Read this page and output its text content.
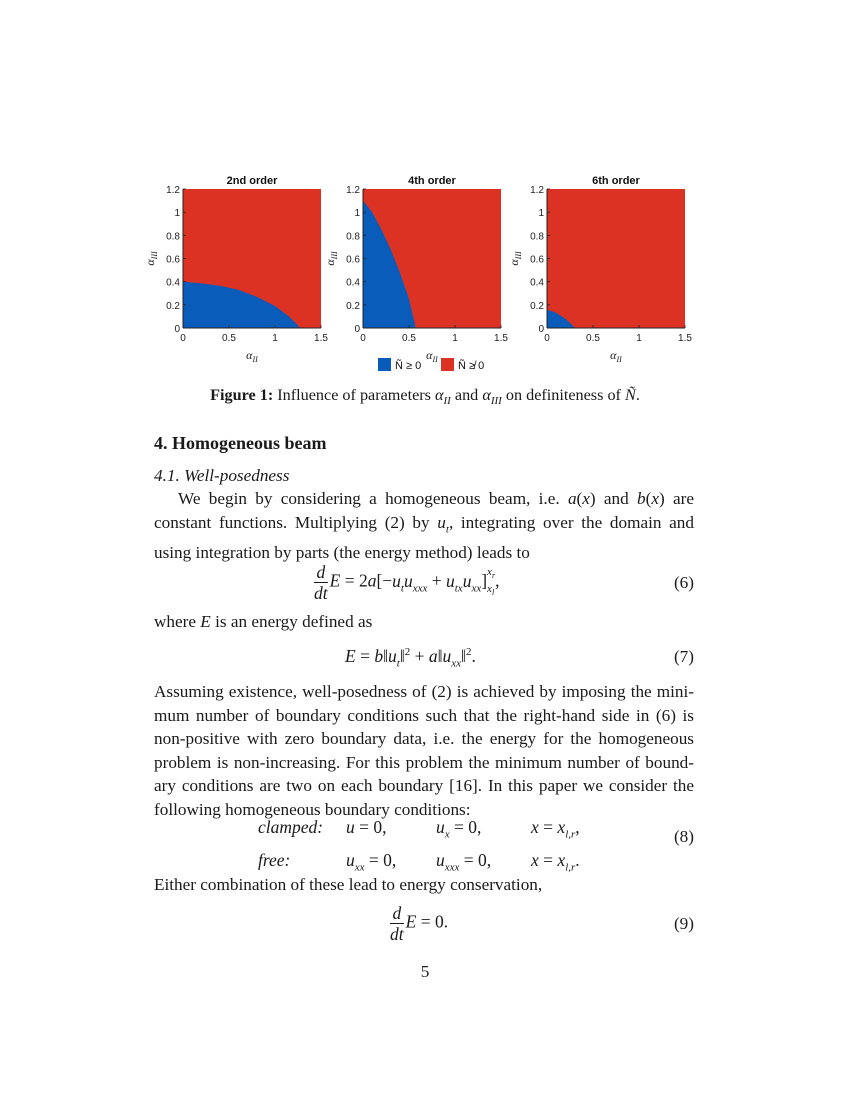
2nd order
0
0.2
0.4
0.6
0.8
1
1.2
0	0.5	1	1.5
$\alpha_{II}$
$\alpha_{III}$
4th order
0
0.2
0.4
0.6
0.8
1
1.2
0	0.5	1	1.5
$\alpha_{II}$
$\alpha_{III}$
6th order
0
0.2
0.4
0.6
0.8
1
1.2
0	0.5	1	1.5
$\alpha_{II}$
$\alpha_{III}$
Ñ ≥ 0	Ñ ≱ 0
Figure 1: Influence of parameters $\alpha_{II}$ and $\alpha_{III}$ on definiteness of Ñ.
4. Homogeneous beam
4.1. Well-posedness
We begin by considering a homogeneous beam, i.e. a(x) and b(x) are
constant functions. Multiplying (2) by $u_t$, integrating over the domain and
using integration by parts (the energy method) leads to
$\frac{d}{dt}$ $E = 2a[-u_tu_{xxx} + u_{tx}u_{xx}]$ $x_r$
$x_l$
,	(6)
where E is an energy defined as
$E = b‖u_t‖^2$ + $a‖u_{xx}‖^2$.	(7)
Assuming existence, well-posedness of (2) is achieved by imposing the mini-
mum number of boundary conditions such that the right-hand side in (6) is
non-positive with zero boundary data, i.e. the energy for the homogeneous
problem is non-increasing. For this problem the minimum number of bound-
ary conditions are two on each boundary [16]. In this paper we consider the
following homogeneous boundary conditions:
clamped: u = 0,	$u_x = 0$,	$x = x_{l,r}$,
free:	$u_{xx} = 0$, $u_{xxx} = 0$, $x = x_{l,r}$.
(8)
Either combination of these lead to energy conservation,
$\frac{d}{dt}$ E = 0.	(9)
5
